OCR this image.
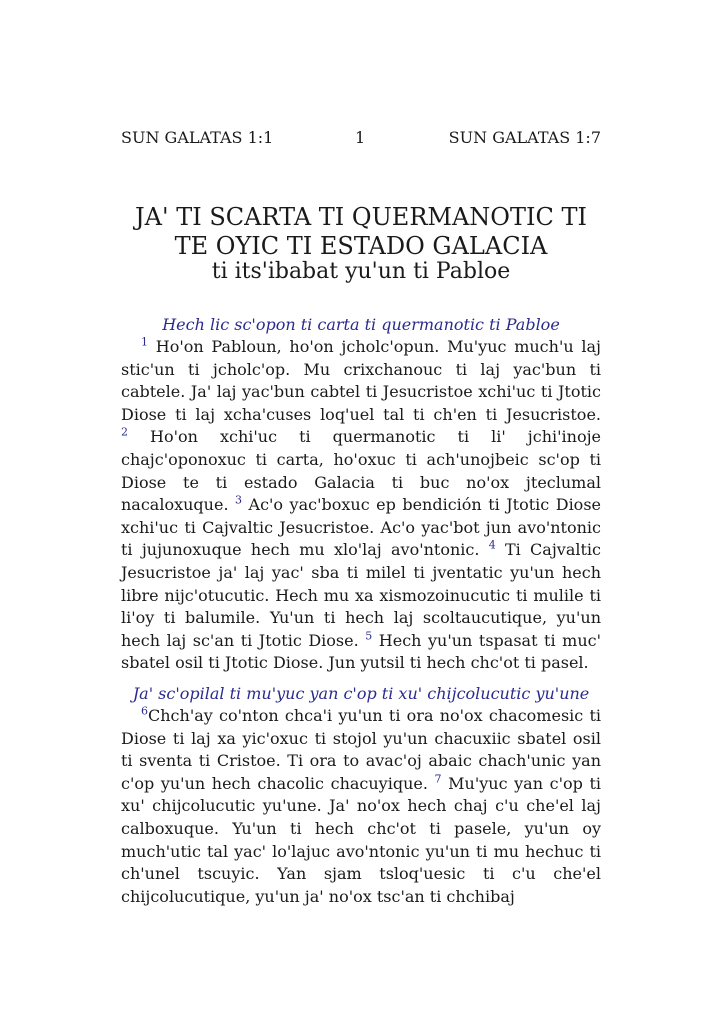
SUN GALATAS 1:1	1	SUN GALATAS 1:7
JA' TI SCARTA TI QUERMANOTIC TI
TE OYIC TI ESTADO GALACIA
ti its'ibabat yu'un ti Pabloe
Hech lic sc'opon ti carta ti quermanotic ti Pabloe
$^1$ Ho'on Pabloun, ho'on jcholc'opun. Mu'yuc much'u laj stic'un ti jcholc'op. Mu crixchanouc ti laj yac'bun ti cabtele. Ja' laj yac'bun cabtel ti Jesucristoe xchi'uc ti Jtotic Diose ti laj xcha'cuses loq'uel tal ti ch'en ti Jesucristoe. $^2$ Ho'on xchi'uc ti quermanotic ti li' jchi'inoje chajc'oponoxuc ti carta, ho'oxuc ti ach'unojbeic sc'op ti Diose te ti estado Galacia ti buc no'ox jteclumal nacaloxuque. $^3$ Ac'o yac'boxuc ep bendición ti Jtotic Diose xchi'uc ti Cajvaltic Jesucristoe. Ac'o yac'bot jun avo'ntonic ti jujunoxuque hech mu xlo'laj avo'ntonic. $^4$ Ti Cajvaltic Jesucristoe ja' laj yac' sba ti milel ti jventatic yu'un hech libre nijc'otucutic. Hech mu xa xismozoinucutic ti mulile ti li'oy ti balumile. Yu'un ti hech laj scoltaucutique, yu'un hech laj sc'an ti Jtotic Diose. $^5$ Hech yu'un tspasat ti muc' sbatel osil ti Jtotic Diose. Jun yutsil ti hech chc'ot ti pasel.
Ja' sc'opilal ti mu'yuc yan c'op ti xu' chijcolucutic yu'une
$^6$Chch'ay co'nton chca'i yu'un ti ora no'ox chacomesic ti Diose ti laj xa yic'oxuc ti stojol yu'un chacuxiic sbatel osil ti sventa ti Cristoe. Ti ora to avac'oj abaic chach'unic yan c'op yu'un hech chacolic chacuyique. $^7$ Mu'yuc yan c'op ti xu' chijcolucutic yu'une. Ja' no'ox hech chaj c'u che'el laj calboxuque. Yu'un ti hech chc'ot ti pasele, yu'un oy much'utic tal yac' lo'lajuc avo'ntonic yu'un ti mu hechuc ti ch'unel tscuyic. Yan sjam tsloq'uesic ti c'u che'el chijcolucutique, yu'un ja' no'ox tsc'an ti chchibaj
